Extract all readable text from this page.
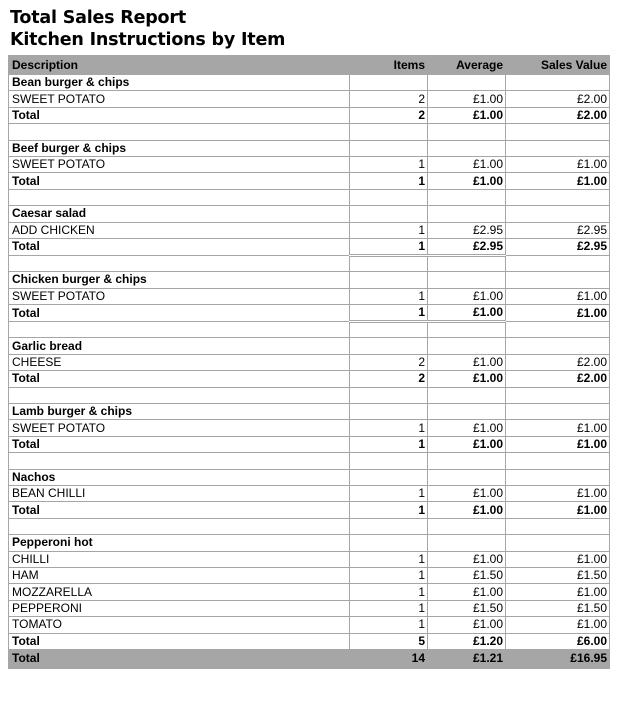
Total Sales Report
Kitchen Instructions by Item
Description	Items	Average	Sales Value
Bean burger & chips			
SWEET POTATO	2	£1.00	£2.00
Total	2	£1.00	£2.00

Beef burger & chips			
SWEET POTATO	1	£1.00	£1.00
Total	1	£1.00	£1.00

Caesar salad			
ADD CHICKEN	1	£2.95	£2.95
Total	1	£2.95	£2.95

Chicken burger & chips			
SWEET POTATO	1	£1.00	£1.00
Total	1	£1.00	£1.00

Garlic bread			
CHEESE	2	£1.00	£2.00
Total	2	£1.00	£2.00

Lamb burger & chips			
SWEET POTATO	1	£1.00	£1.00
Total	1	£1.00	£1.00

Nachos			
BEAN CHILLI	1	£1.00	£1.00
Total	1	£1.00	£1.00

Pepperoni hot			
CHILLI	1	£1.00	£1.00
HAM	1	£1.50	£1.50
MOZZARELLA	1	£1.00	£1.00
PEPPERONI	1	£1.50	£1.50
TOMATO	1	£1.00	£1.00
Total	5	£1.20	£6.00
Total	14	£1.21	£16.95
